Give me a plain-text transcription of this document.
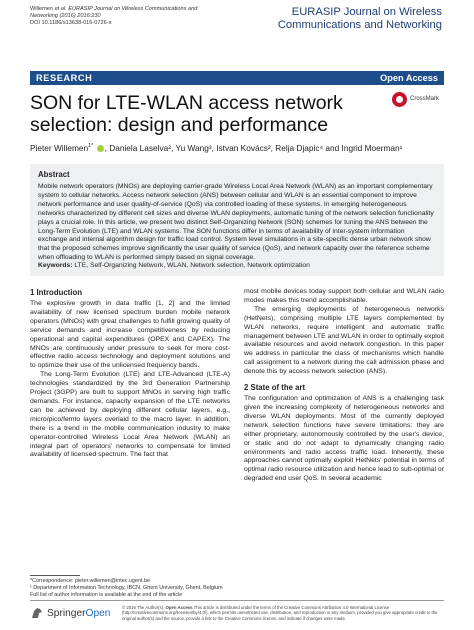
Willemen et al. EURASIP Journal on Wireless Communications and
Networking (2016) 2016:230
DOI 10.1186/s13638-016-0726-x
EURASIP Journal on Wireless
Communications and Networking
RESEARCH	Open Access
SON for LTE-WLAN access network selection: design and performance
CrossMark
Pieter Willemen$^{1*}$ , Daniela Laselva², Yu Wang³, Istvan Kovács², Relja Djapic⁴ and Ingrid Moerman¹
Abstract
Mobile network operators (MNOs) are deploying carrier-grade Wireless Local Area Network (WLAN) as an important complementary system to cellular networks. Access network selection (ANS) between cellular and WLAN is an essential component to improve network performance and user quality-of-service (QoS) via controlled loading of these systems. In emerging heterogeneous networks characterized by different cell sizes and diverse WLAN deployments, automatic tuning of the network selection functionality plays a crucial role. In this article, we present two distinct Self-Organizing Network (SON) schemes for tuning the ANS between the Long-Term Evolution (LTE) and WLAN systems. The SON functions differ in terms of availability of inter-system information exchange and internal algorithm design for traffic load control. System level simulations in a site-specific dense urban network show that the proposed schemes improve significantly the user quality of service (QoS), and network capacity over the reference scheme when offloading to WLAN is performed simply based on signal coverage.
Keywords: LTE, Self-Organizing Network, WLAN, Network selection, Network optimization
1 Introduction

The explosive growth in data traffic [1, 2] and the limited availability of new licensed spectrum burden mobile network operators (MNOs) with great challenges to fulfill growing quality of service demands and increase competitiveness by reducing operational and capital expenditures (OPEX and CAPEX). The MNOs are continuously under pressure to seek for more cost-effective radio access technology and deployment solutions and to optimize their use of the unlicensed frequency bands.

The Long-Term Evolution (LTE) and LTE-Advanced (LTE-A) technologies standardized by the 3rd Generation Partnership Project (3GPP) are built to support MNOs in serving high traffic demands. For instance, capacity expansion of the LTE networks can be achieved by deploying different cellular layers, e.g., micro/pico/femto layers overlaid to the macro layer. In addition, there is a trend in the mobile communication industry to make operator-controlled Wireless Local Area Network (WLAN) an integral part of operators' networks to compensate for limited availability of licensed spectrum. The fact that

most mobile devices today support both cellular and WLAN radio modes makes this trend accomplishable.

The emerging deployments of heterogeneous networks (HetNets), comprising multiple LTE layers complemented by WLAN networks, require intelligent and automatic traffic management between LTE and WLAN in order to optimally exploit available resources and avoid network congestion. In this paper we address in particular the class of mechanisms which handle call assignment to a network during the call admission phase and denote this by access network selection (ANS).

2 State of the art

The configuration and optimization of ANS is a challenging task given the increasing complexity of heterogeneous networks and diverse WLAN deployments. Most of the currently deployed network selection functions have severe limitations: they are either proprietary, autonomously controlled by the user's device, or static and do not adapt to dynamically changing radio environments and radio access traffic load. Inherently, these approaches cannot optimally exploit HetNets' potential in terms of optimal radio resource utilization and hence lead to sub-optimal or degraded end user QoS. In several academic

*Correspondence: pieter.willemen@intec.ugent.be
¹ Department of Information Technology, IBCN, Ghent University, Ghent, Belgium
Full list of author information is available at the end of the article
SpringerOpen
© 2016 The Author(s). Open Access This article is distributed under the terms of the Creative Commons Attribution 4.0 International License (http://creativecommons.org/licenses/by/4.0/), which permits unrestricted use, distribution, and reproduction in any medium, provided you give appropriate credit to the original author(s) and the source, provide a link to the Creative Commons license, and indicate if changes were made.
